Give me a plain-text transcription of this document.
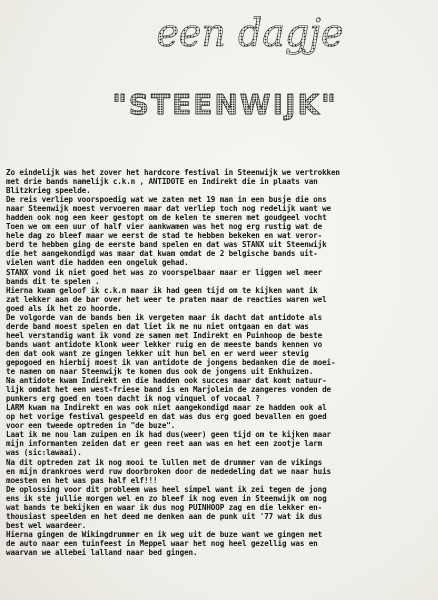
een dagje
"STEENWIJK"
Zo eindelijk was het zover het hardcore festival in Steenwijk we vertrokken
met drie bands namelijk c.k.n , ANTIDOTE en Indirekt die in plaats van
Blitzkrieg speelde.
De reis verliep voorspoedig wat we zaten met 19 man in een busje die ons
naar Steenwijk moest vervoeren maar dat verliep toch nog redelijk want we
hadden ook nog een keer gestopt om de kelen te smeren met goudgeel vocht
Toen we om een uur of half vier aankwamen was het nog erg rustig wat de
hele dag zo bleef maar we eerst de stad te hebben bekeken en wat veror-
berd te hebben ging de eerste band spelen en dat was STANX uit Steenwijk
die het aangekondigd was maar dat kwam omdat de 2 belgische bands uit-
vielen want die hadden een ongeluk gehad.
STANX vond ik niet goed het was zo voorspelbaar maar er liggen wel meer
bands dit te spelen .
Hierna kwam geloof ik c.k.n maar ik had geen tijd om te kijken want ik
zat lekker aan de bar over het weer te praten maar de reacties waren wel
goed als ik het zo hoorde.
De volgorde van de bands ben ik vergeten maar ik dacht dat antidote als
derde band moest spelen en dat liet ik me nu niet ontgaan en dat was
heel verstandig want ik vond ze samen met Indirekt en Puinhoop de beste
bands want antidote klonk weer lekker ruig en de meeste bands kennen vo
den dat ook want ze gingen lekker uit hun bel en er werd weer stevig
gepogoed en hierbij moest ik van antidote de jongens bedanken die de moei-
te namen om naar Steenwijk te komen dus ook de jongens uit Enkhuizen.
Na antidote kwam Indirekt en die hadden ook succes maar dat komt natuur-
lijk omdat het een west-friese band is en Marjolein de zangeres vonden de
punkers erg goed en toen dacht ik nog vinquel of vocaal ?
LARM kwam na Indirekt en was ook niet aangekondigd maar ze hadden ook al
op het vorige festival gespeeld en dat was dus erg goed bevallen en goed
voor een tweede optreden in "de buze".
Laat ik me nou lam zuipen en ik had dus(weer) geen tijd om te kijken maar
mijn informanten zeiden dat er geen reet aan was en het een zootje larm
was (sic:lawaai).
Na dit optreden zat ik nog mooi te lullen met de drummer van de vikings
en mijn drankroes werd ruw doorbroken door de mededeling dat we naar huis
moesten en het was pas half elf!!!
De oplossing voor dit probleem was heel simpel want ik zei tegen de jong
ens ik ste jullie morgen wel en zo bleef ik nog even in Steenwijk om nog
wat bands te bekijken en waar ik dus nog PUINHOOP zag en die lekker en-
thousiast speelden en het deed me denken aan de punk uit '77 wat ik dus
best wel waardeer.
Hierna gingen de Wikingdrummer en ik weg uit de buze want we gingen met
de auto naar een tuinfeest in Meppel waar het nog heel gezellig was en
waarvan we allebei lalland naar bed gingen.
